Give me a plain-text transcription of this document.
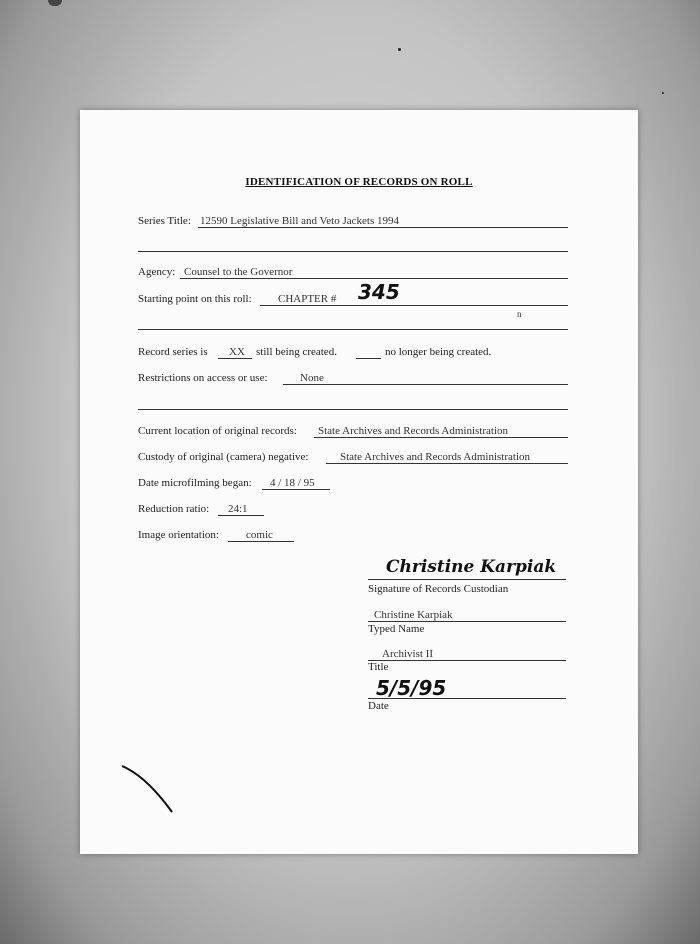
IDENTIFICATION OF RECORDS ON ROLL
Series Title: 12590 Legislative Bill and Veto Jackets 1994
Agency: Counsel to the Governor
Starting point on this roll: CHAPTER # 345
n
Record series is XX still being created.	no longer being created.
Restrictions on access or use:	None
Current location of original records: State Archives and Records Administration
Custody of original (camera) negative:	State Archives and Records Administration
Date microfilming began: 4 / 18 / 95
Reduction ratio: 24:1
Image orientation: comic
Christine Karpiak
Signature of Records Custodian
Christine Karpiak
Typed Name
Archivist II
Title
5/5/95
Date
